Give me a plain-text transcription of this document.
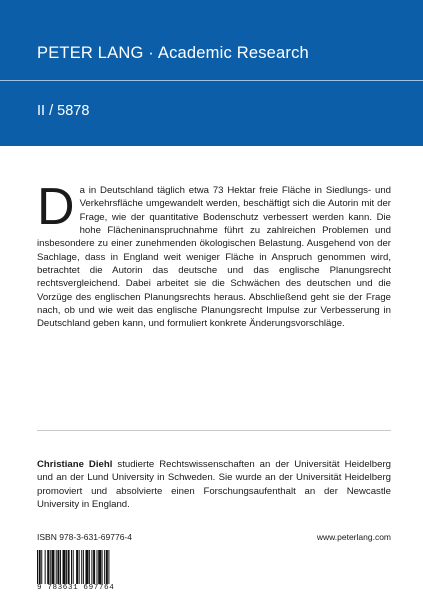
PETER LANG · Academic Research
II / 5878

Da in Deutschland täglich etwa 73 Hektar freie Fläche in Siedlungs- und Verkehrsfläche umgewandelt werden, beschäftigt sich die Autorin mit der Frage, wie der quantitative Bodenschutz verbessert werden kann. Die hohe Flächeninanspruchnahme führt zu zahlreichen Problemen und insbesondere zu einer zunehmenden ökologischen Belastung. Ausgehend von der Sachlage, dass in England weit weniger Fläche in Anspruch genommen wird, betrachtet die Autorin das deutsche und das englische Planungsrecht rechtsvergleichend. Dabei arbeitet sie die Schwächen des deutschen und die Vorzüge des englischen Planungsrechts heraus. Abschließend geht sie der Frage nach, ob und wie weit das englische Planungsrecht Impulse zur Verbesserung in Deutschland geben kann, und formuliert konkrete Änderungsvorschläge.

Christiane Diehl studierte Rechtswissenschaften an der Universität Heidelberg und an der Lund University in Schweden. Sie wurde an der Universität Heidelberg promoviert und absolvierte einen Forschungsaufenthalt an der Newcastle University in England.

ISBN 978-3-631-69776-4	www.peterlang.com
9 783631 697764
